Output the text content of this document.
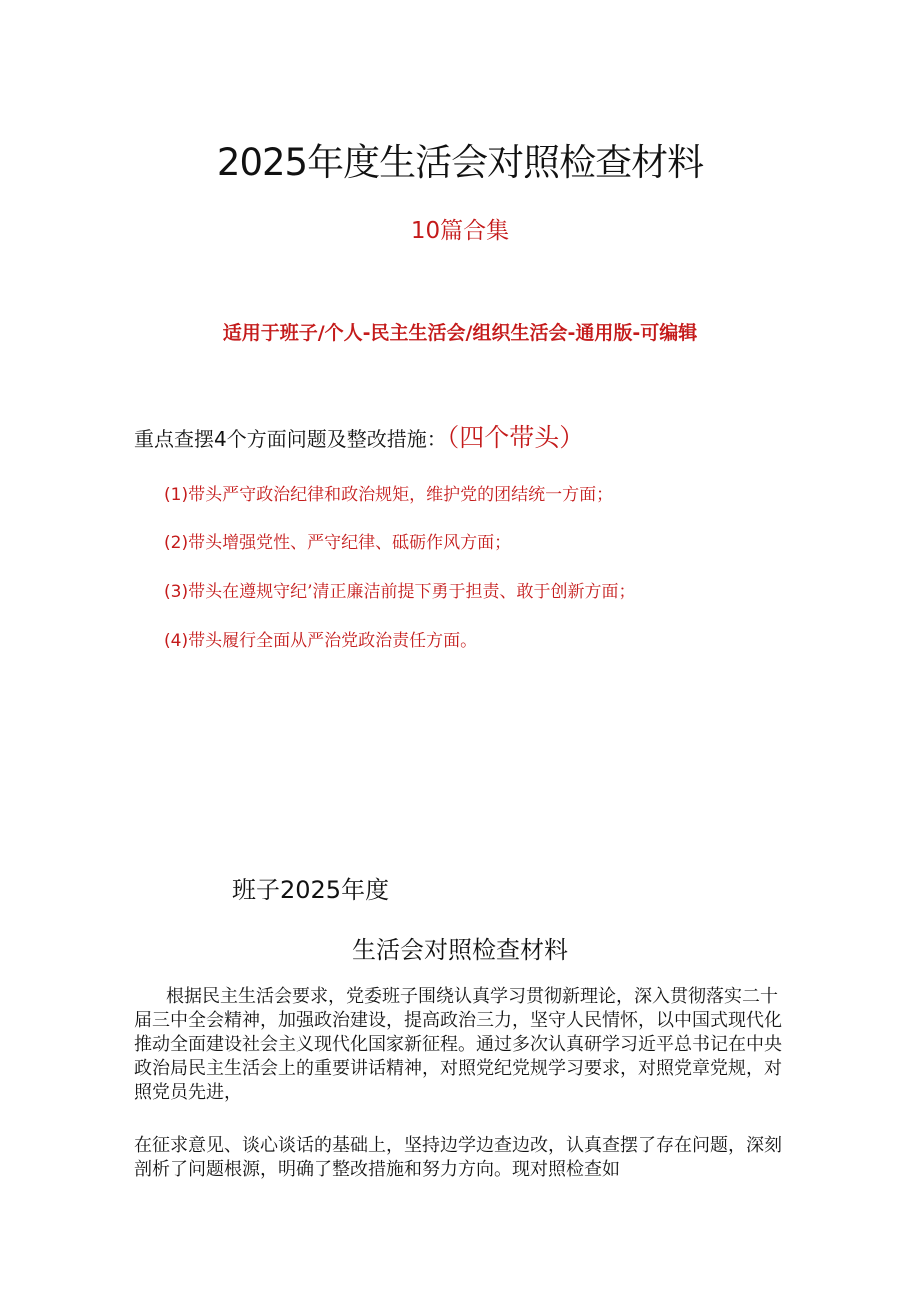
2025年度生活会对照检查材料
10篇合集
适用于班子/个人-民主生活会/组织生活会-通用版-可编辑
重点查摆4个方面问题及整改措施：（四个带头）
(1)带头严守政治纪律和政治规矩，维护党的团结统一方面；
(2)带头增强党性、严守纪律、砥砺作风方面；
(3)带头在遵规守纪’清正廉洁前提下勇于担责、敢于创新方面；
(4)带头履行全面从严治党政治责任方面。
班子2025年度
生活会对照检查材料
根据民主生活会要求，党委班子围绕认真学习贯彻新理论，深入贯彻落实二十届三中全会精神，加强政治建设，提高政治三力，坚守人民情怀，以中国式现代化推动全面建设社会主义现代化国家新征程。通过多次认真研学习近平总书记在中央政治局民主生活会上的重要讲话精神，对照党纪党规学习要求，对照党章党规，对照党员先进，
在征求意见、谈心谈话的基础上，坚持边学边查边改，认真查摆了存在问题，深刻剖析了问题根源，明确了整改措施和努力方向。现对照检查如
